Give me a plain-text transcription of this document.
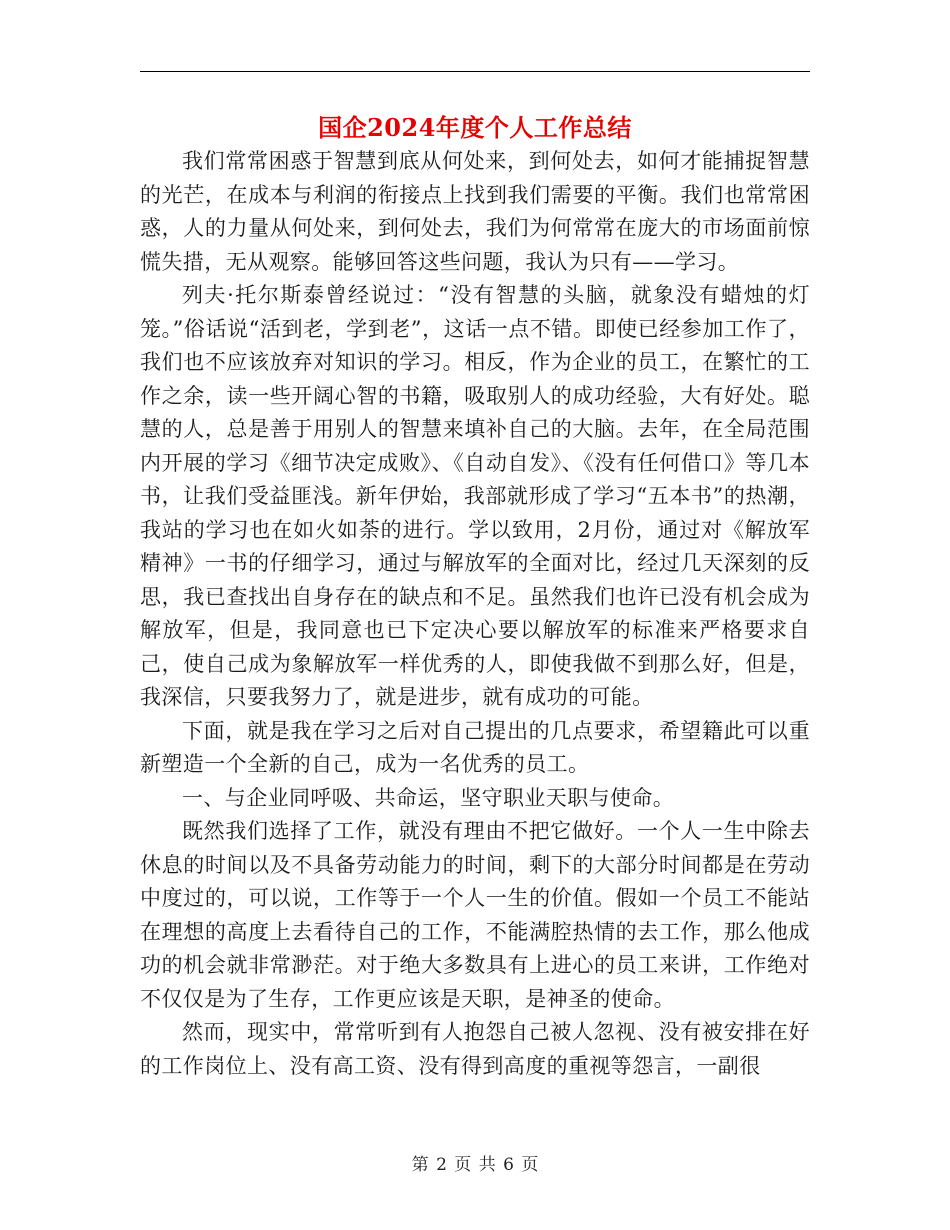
国企2024年度个人工作总结

我们常常困惑于智慧到底从何处来，到何处去，如何才能捕捉智慧的光芒，在成本与利润的衔接点上找到我们需要的平衡。我们也常常困惑，人的力量从何处来，到何处去，我们为何常常在庞大的市场面前惊慌失措，无从观察。能够回答这些问题，我认为只有——学习。

列夫·托尔斯泰曾经说过：“没有智慧的头脑，就象没有蜡烛的灯笼。”俗话说“活到老，学到老”，这话一点不错。即使已经参加工作了，我们也不应该放弃对知识的学习。相反，作为企业的员工，在繁忙的工作之余，读一些开阔心智的书籍，吸取别人的成功经验，大有好处。聪慧的人，总是善于用别人的智慧来填补自己的大脑。去年，在全局范围内开展的学习《细节决定成败》、《自动自发》、《没有任何借口》等几本书，让我们受益匪浅。新年伊始，我部就形成了学习“五本书”的热潮，我站的学习也在如火如荼的进行。学以致用，2月份，通过对《解放军精神》一书的仔细学习，通过与解放军的全面对比，经过几天深刻的反思，我已查找出自身存在的缺点和不足。虽然我们也许已没有机会成为解放军，但是，我同意也已下定决心要以解放军的标准来严格要求自己，使自己成为象解放军一样优秀的人，即使我做不到那么好，但是，我深信，只要我努力了，就是进步，就有成功的可能。

下面，就是我在学习之后对自己提出的几点要求，希望籍此可以重新塑造一个全新的自己，成为一名优秀的员工。

一、与企业同呼吸、共命运，坚守职业天职与使命。

既然我们选择了工作，就没有理由不把它做好。一个人一生中除去休息的时间以及不具备劳动能力的时间，剩下的大部分时间都是在劳动中度过的，可以说，工作等于一个人一生的价值。假如一个员工不能站在理想的高度上去看待自己的工作，不能满腔热情的去工作，那么他成功的机会就非常渺茫。对于绝大多数具有上进心的员工来讲，工作绝对不仅仅是为了生存，工作更应该是天职，是神圣的使命。

然而，现实中，常常听到有人抱怨自己被人忽视、没有被安排在好的工作岗位上、没有高工资、没有得到高度的重视等怨言，一副很

第 2 页 共 6 页
